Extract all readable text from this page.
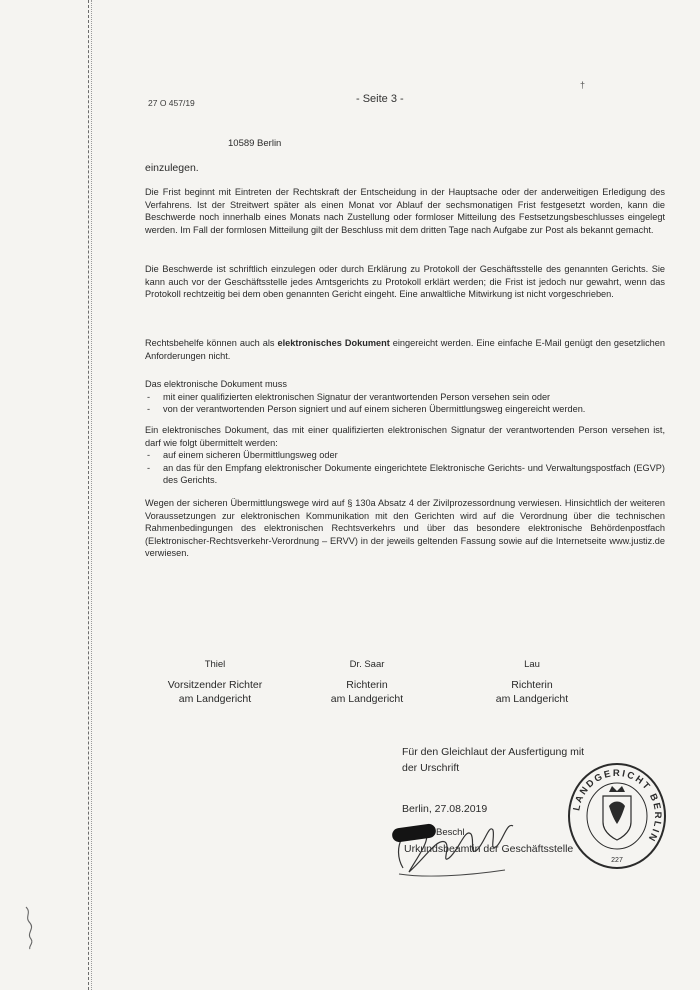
27 O 457/19	- Seite 3 -
†
10589 Berlin
einzulegen.
Die Frist beginnt mit Eintreten der Rechtskraft der Entscheidung in der Hauptsache oder der anderweitigen Erledigung des Verfahrens. Ist der Streitwert später als einen Monat vor Ablauf der sechsmonatigen Frist festgesetzt worden, kann die Beschwerde noch innerhalb eines Monats nach Zustellung oder formloser Mitteilung des Festsetzungsbeschlusses eingelegt werden. Im Fall der formlosen Mitteilung gilt der Beschluss mit dem dritten Tage nach Aufgabe zur Post als bekannt gemacht.
Die Beschwerde ist schriftlich einzulegen oder durch Erklärung zu Protokoll der Geschäftsstelle des genannten Gerichts. Sie kann auch vor der Geschäftsstelle jedes Amtsgerichts zu Protokoll erklärt werden; die Frist ist jedoch nur gewahrt, wenn das Protokoll rechtzeitig bei dem oben genannten Gericht eingeht. Eine anwaltliche Mitwirkung ist nicht vorgeschrieben.
Rechtsbehelfe können auch als elektronisches Dokument eingereicht werden. Eine einfache E-Mail genügt den gesetzlichen Anforderungen nicht.
Das elektronische Dokument muss
- mit einer qualifizierten elektronischen Signatur der verantwortenden Person versehen sein oder
- von der verantwortenden Person signiert und auf einem sicheren Übermittlungsweg eingereicht werden.
Ein elektronisches Dokument, das mit einer qualifizierten elektronischen Signatur der verantwortenden Person versehen ist, darf wie folgt übermittelt werden:
- auf einem sicheren Übermittlungsweg oder
- an das für den Empfang elektronischer Dokumente eingerichtete Elektronische Gerichts- und Verwaltungspostfach (EGVP) des Gerichts.
Wegen der sicheren Übermittlungswege wird auf § 130a Absatz 4 der Zivilprozessordnung verwiesen. Hinsichtlich der weiteren Voraussetzungen zur elektronischen Kommunikation mit den Gerichten wird auf die Verordnung über die technischen Rahmenbedingungen des elektronischen Rechtsverkehrs und über das besondere elektronische Behördenpostfach (Elektronischer-Rechtsverkehr-Verordnung – ERVV) in der jeweils geltenden Fassung sowie auf die Internetseite www.justiz.de verwiesen.
Thiel
Vorsitzender Richter
am Landgericht
Dr. Saar
Richterin
am Landgericht
Lau
Richterin
am Landgericht
Für den Gleichlaut der Ausfertigung mit
der Urschrift
Berlin, 27.08.2019
Beschl
Urkundsbeamtin der Geschäftsstelle
LANDGERICHT BERLIN
227
